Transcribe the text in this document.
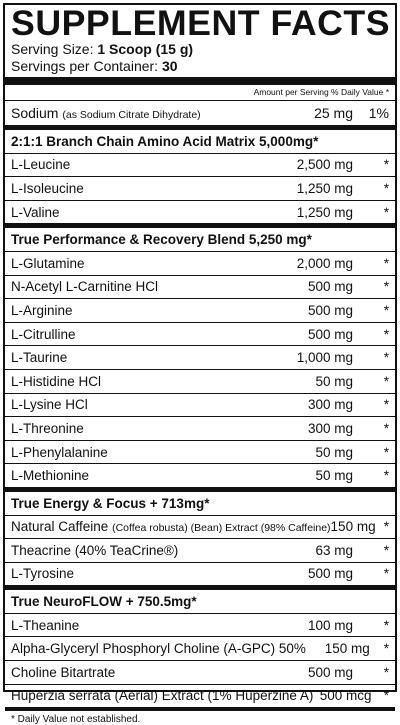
SUPPLEMENT FACTS
Serving Size: 1 Scoop (15 g)
Servings per Container: 30
Amount per Serving % Daily Value *
Sodium (as Sodium Citrate Dihydrate)	25 mg	1%
2:1:1 Branch Chain Amino Acid Matrix 5,000mg*
L-Leucine	2,500 mg	*
L-Isoleucine	1,250 mg	*
L-Valine	1,250 mg	*
True Performance & Recovery Blend 5,250 mg*
L-Glutamine	2,000 mg	*
N-Acetyl L-Carnitine HCl	500 mg	*
L-Arginine	500 mg	*
L-Citrulline	500 mg	*
L-Taurine	1,000 mg	*
L-Histidine HCl	50 mg	*
L-Lysine HCl	300 mg	*
L-Threonine	300 mg	*
L-Phenylalanine	50 mg	*
L-Methionine	50 mg	*
True Energy & Focus + 713mg*
Natural Caffeine (Coffea robusta) (Bean) Extract (98% Caffeine) 150 mg *
Theacrine (40% TeaCrine®)	63 mg	*
L-Tyrosine	500 mg	*
True NeuroFLOW + 750.5mg*
L-Theanine	100 mg	*
Alpha-Glyceryl Phosphoryl Choline (A-GPC) 50%	150 mg	*
Choline Bitartrate	500 mg	*
Huperzia serrata (Aerial) Extract (1% Huperzine A) 500 mcg *
* Daily Value not established.
